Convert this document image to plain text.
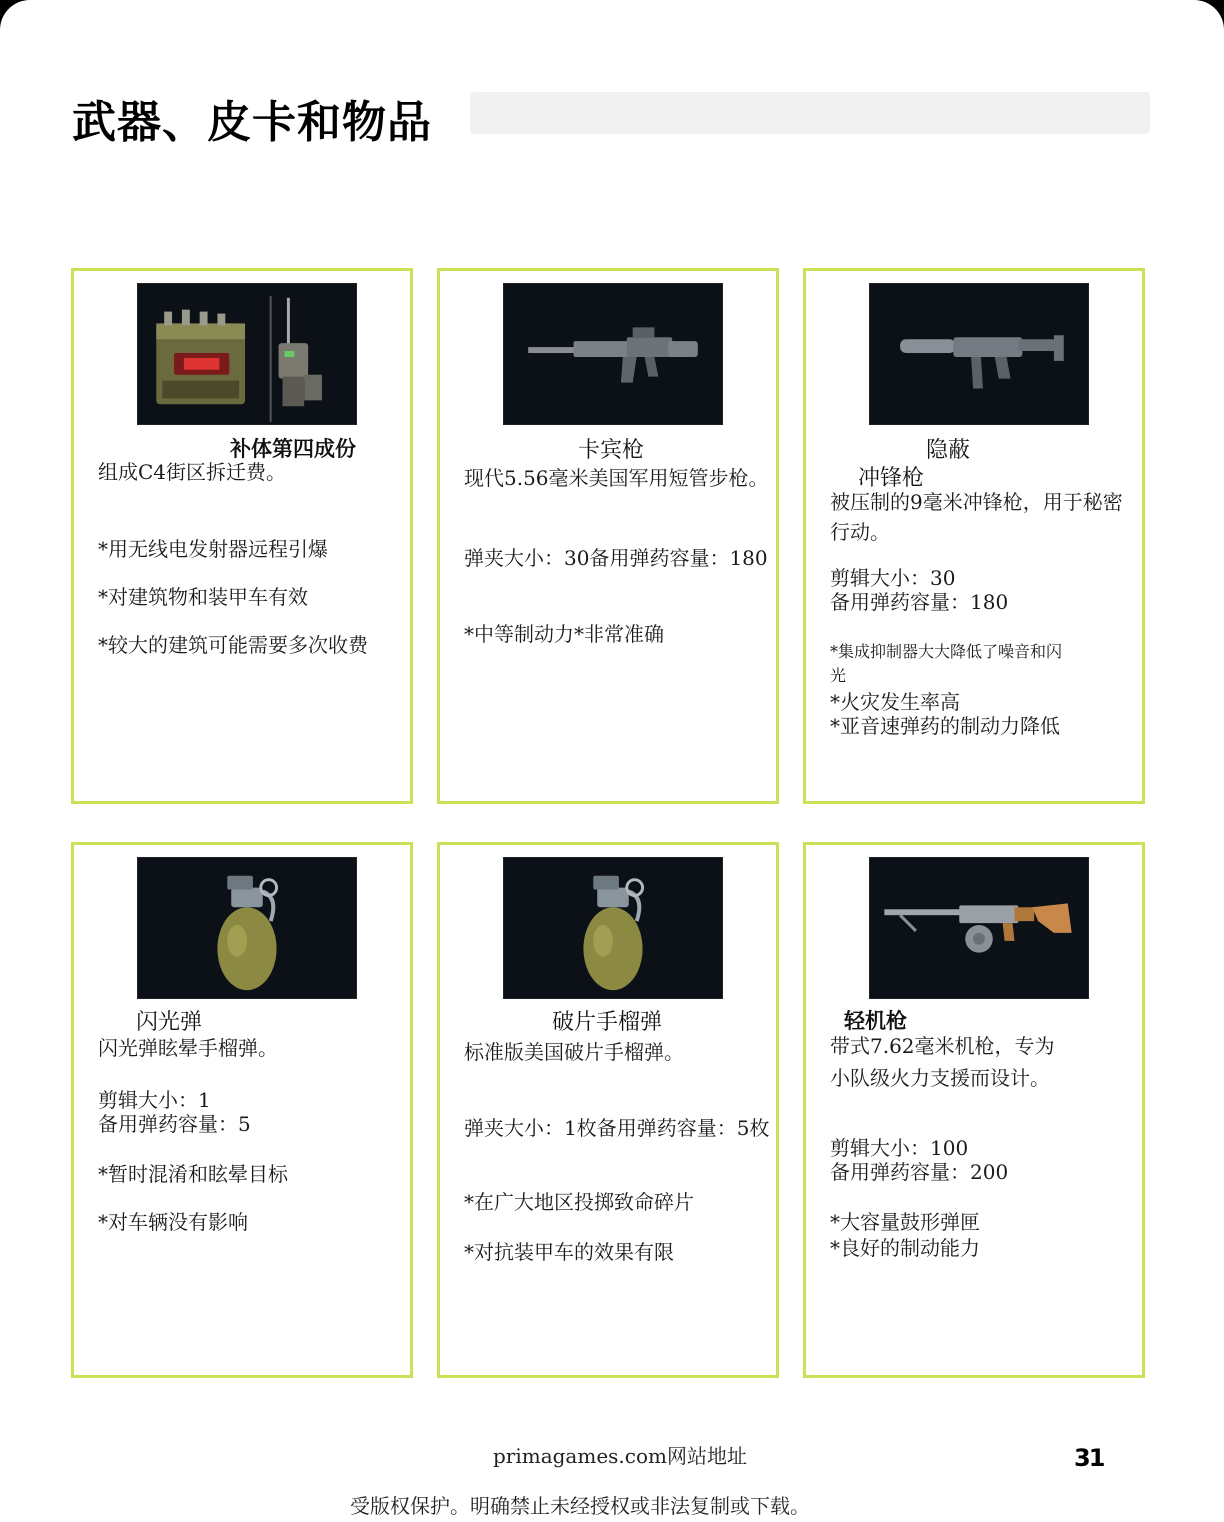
武器、皮卡和物品
补体第四成份
组成C4街区拆迁费。
*用无线电发射器远程引爆
*对建筑物和装甲车有效
*较大的建筑可能需要多次收费
卡宾枪
现代5.56毫米美国军用短管步枪。
弹夹大小：30备用弹药容量：180
*中等制动力*非常准确
隐蔽
冲锋枪
被压制的9毫米冲锋枪，用于秘密
行动。
剪辑大小：30
备用弹药容量：180
*集成抑制器大大降低了噪音和闪
光
*火灾发生率高
*亚音速弹药的制动力降低
闪光弹
闪光弹眩晕手榴弹。
剪辑大小：1
备用弹药容量：5
*暂时混淆和眩晕目标
*对车辆没有影响
破片手榴弹
标准版美国破片手榴弹。
弹夹大小：1枚备用弹药容量：5枚
*在广大地区投掷致命碎片
*对抗装甲车的效果有限
轻机枪
带式7.62毫米机枪，专为
小队级火力支援而设计。
剪辑大小：100
备用弹药容量：200
*大容量鼓形弹匣
*良好的制动能力
primagames.com网站地址	31
受版权保护。明确禁止未经授权或非法复制或下载。
